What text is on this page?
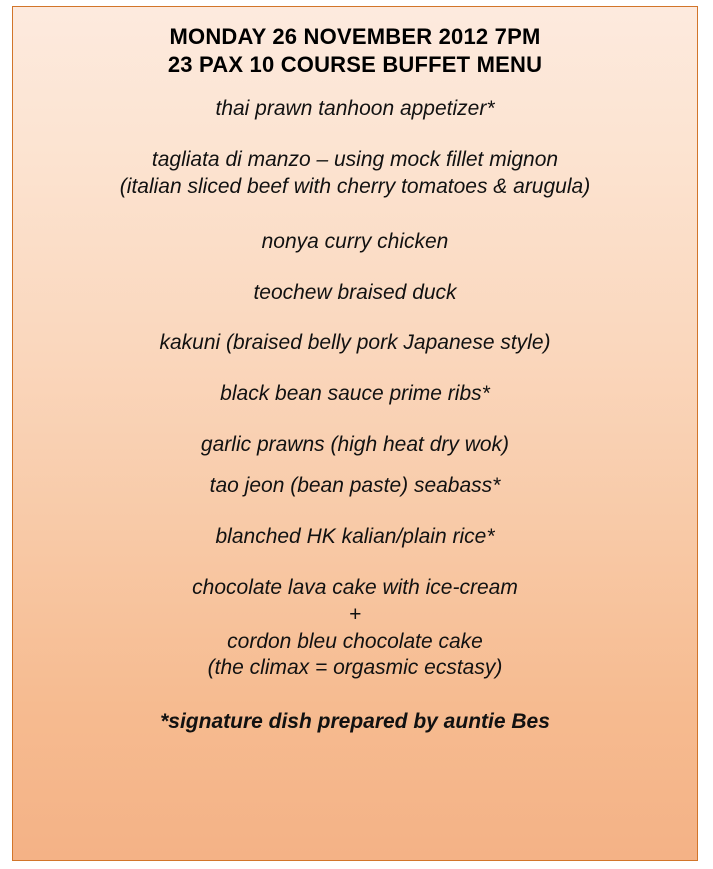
MONDAY 26 NOVEMBER 2012 7PM
23 PAX 10 COURSE BUFFET MENU
thai prawn tanhoon appetizer*
tagliata di manzo – using mock fillet mignon
(italian sliced beef with cherry tomatoes & arugula)
nonya curry chicken
teochew braised duck
kakuni (braised belly pork Japanese style)
black bean sauce prime ribs*
garlic prawns (high heat dry wok)
tao jeon (bean paste) seabass*
blanched HK kalian/plain rice*
chocolate lava cake with ice-cream
+
cordon bleu chocolate cake
(the climax = orgasmic ecstasy)
*signature dish prepared by auntie Bes
